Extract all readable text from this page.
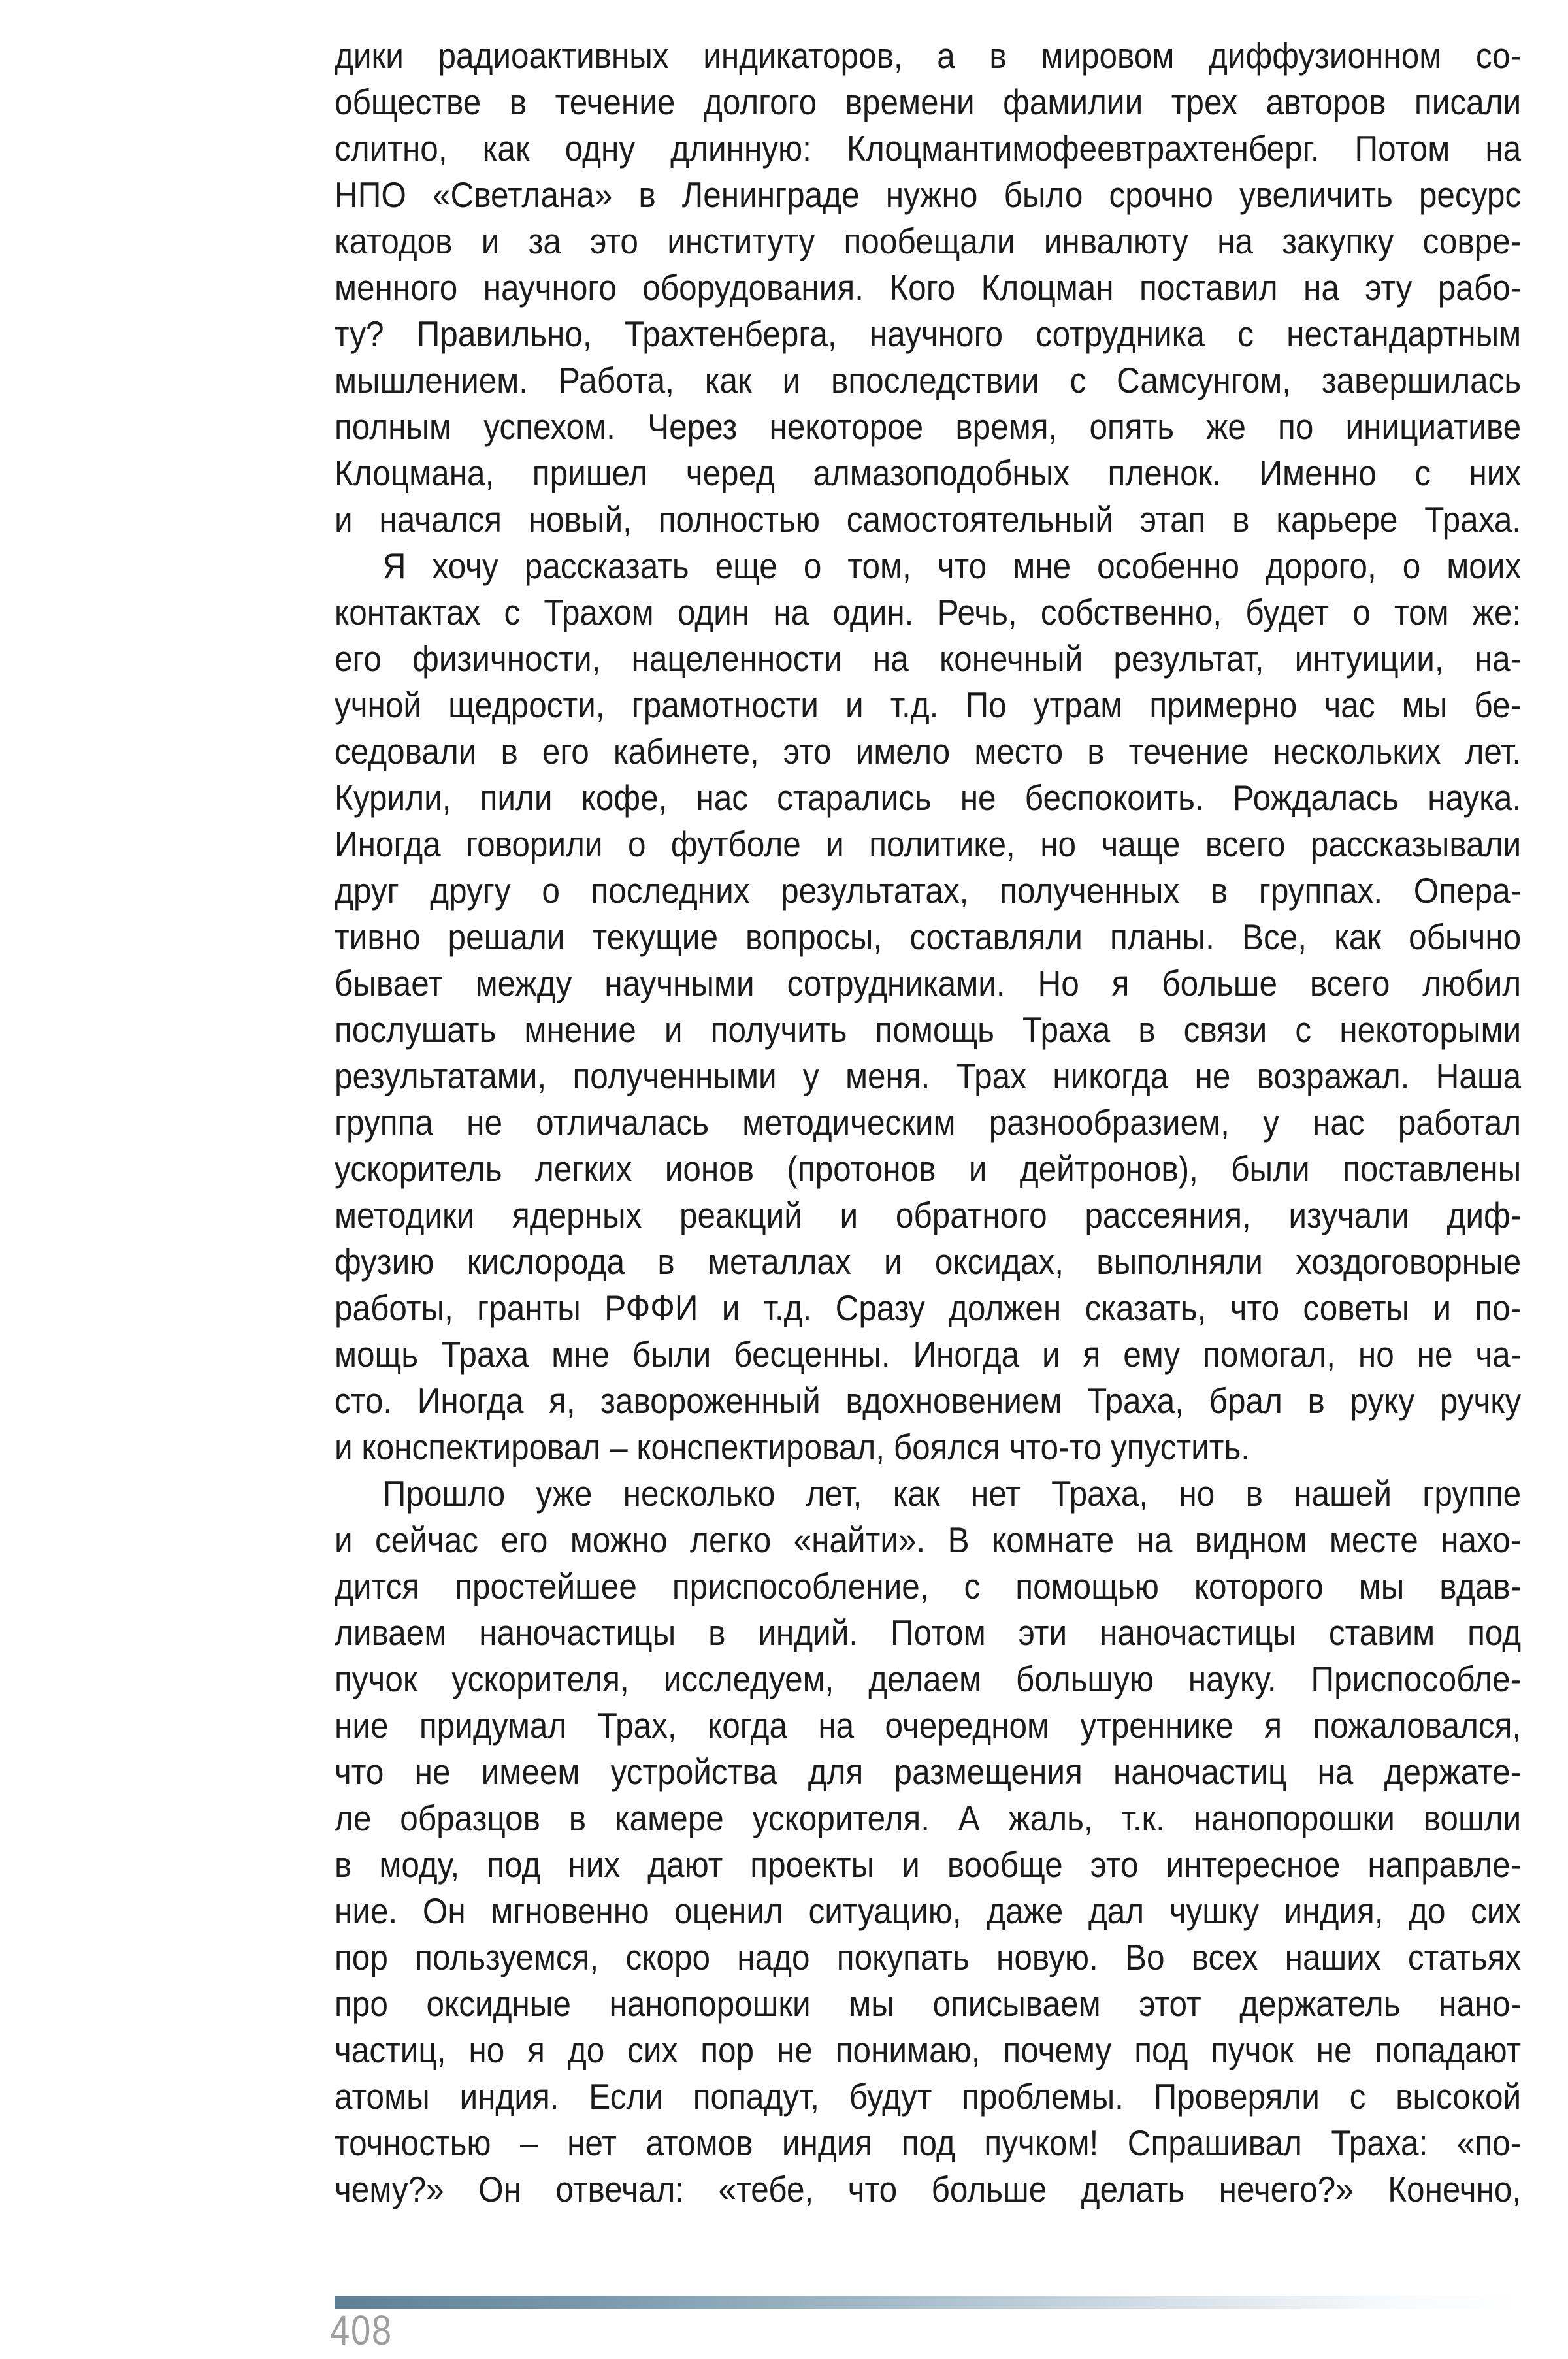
дики радиоактивных индикаторов, а в мировом диффузионном со-
обществе в течение долгого времени фамилии трех авторов писали
слитно, как одну длинную: Клоцмантимофеевтрахтенберг. Потом на
НПО «Светлана» в Ленинграде нужно было срочно увеличить ресурс
катодов и за это институту пообещали инвалюту на закупку совре-
менного научного оборудования. Кого Клоцман поставил на эту рабо-
ту? Правильно, Трахтенберга, научного сотрудника с нестандартным
мышлением. Работа, как и впоследствии с Самсунгом, завершилась
полным успехом. Через некоторое время, опять же по инициативе
Клоцмана, пришел черед алмазоподобных пленок. Именно с них
и начался новый, полностью самостоятельный этап в карьере Траха.
Я хочу рассказать еще о том, что мне особенно дорого, о моих
контактах с Трахом один на один. Речь, собственно, будет о том же:
его физичности, нацеленности на конечный результат, интуиции, на-
учной щедрости, грамотности и т.д. По утрам примерно час мы бе-
седовали в его кабинете, это имело место в течение нескольких лет.
Курили, пили кофе, нас старались не беспокоить. Рождалась наука.
Иногда говорили о футболе и политике, но чаще всего рассказывали
друг другу о последних результатах, полученных в группах. Опера-
тивно решали текущие вопросы, составляли планы. Все, как обычно
бывает между научными сотрудниками. Но я больше всего любил
послушать мнение и получить помощь Траха в связи с некоторыми
результатами, полученными у меня. Трах никогда не возражал. Наша
группа не отличалась методическим разнообразием, у нас работал
ускоритель легких ионов (протонов и дейтронов), были поставлены
методики ядерных реакций и обратного рассеяния, изучали диф-
фузию кислорода в металлах и оксидах, выполняли хоздоговорные
работы, гранты РФФИ и т.д. Сразу должен сказать, что советы и по-
мощь Траха мне были бесценны. Иногда и я ему помогал, но не ча-
сто. Иногда я, завороженный вдохновением Траха, брал в руку ручку
и конспектировал – конспектировал, боялся что-то упустить.
Прошло уже несколько лет, как нет Траха, но в нашей группе
и сейчас его можно легко «найти». В комнате на видном месте нахо-
дится простейшее приспособление, с помощью которого мы вдав-
ливаем наночастицы в индий. Потом эти наночастицы ставим под
пучок ускорителя, исследуем, делаем большую науку. Приспособле-
ние придумал Трах, когда на очередном утреннике я пожаловался,
что не имеем устройства для размещения наночастиц на держате-
ле образцов в камере ускорителя. А жаль, т.к. нанопорошки вошли
в моду, под них дают проекты и вообще это интересное направле-
ние. Он мгновенно оценил ситуацию, даже дал чушку индия, до сих
пор пользуемся, скоро надо покупать новую. Во всех наших статьях
про оксидные нанопорошки мы описываем этот держатель нано-
частиц, но я до сих пор не понимаю, почему под пучок не попадают
атомы индия. Если попадут, будут проблемы. Проверяли с высокой
точностью – нет атомов индия под пучком! Спрашивал Траха: «по-
чему?» Он отвечал: «тебе, что больше делать нечего?» Конечно,
408
